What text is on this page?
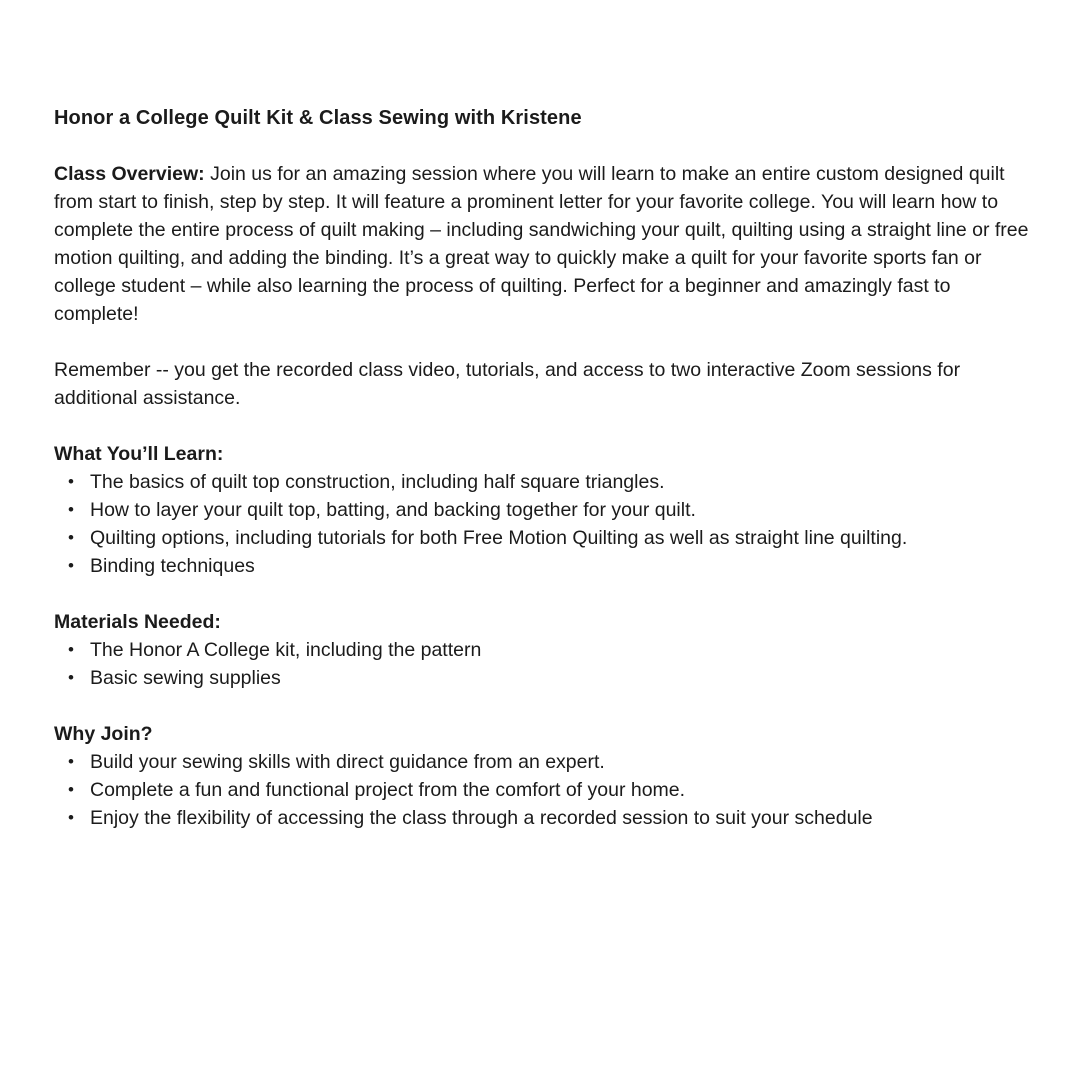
Honor a College Quilt Kit & Class Sewing with Kristene

Class Overview: Join us for an amazing session where you will learn to make an entire custom designed quilt from start to finish, step by step. It will feature a prominent letter for your favorite college. You will learn how to complete the entire process of quilt making – including sandwiching your quilt, quilting using a straight line or free motion quilting, and adding the binding. It’s a great way to quickly make a quilt for your favorite sports fan or college student – while also learning the process of quilting. Perfect for a beginner and amazingly fast to complete!

Remember -- you get the recorded class video, tutorials, and access to two interactive Zoom sessions for additional assistance.

What You’ll Learn:
• The basics of quilt top construction, including half square triangles.
• How to layer your quilt top, batting, and backing together for your quilt.
• Quilting options, including tutorials for both Free Motion Quilting as well as straight line quilting.
• Binding techniques
Materials Needed:
• The Honor A College kit, including the pattern
• Basic sewing supplies
Why Join?
• Build your sewing skills with direct guidance from an expert.
• Complete a fun and functional project from the comfort of your home.
• Enjoy the flexibility of accessing the class through a recorded session to suit your schedule
